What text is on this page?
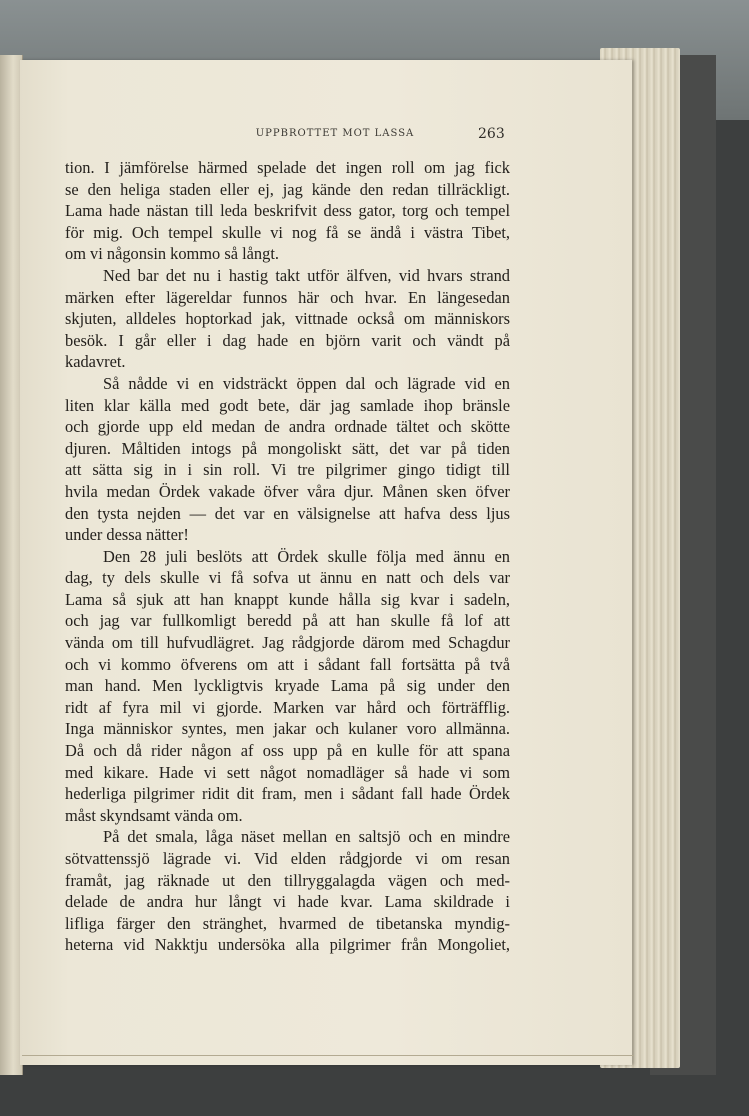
UPPBROTTET MOT LASSA	263
tion. I jämförelse härmed spelade det ingen roll om jag fick
se den heliga staden eller ej, jag kände den redan tillräckligt.
Lama hade nästan till leda beskrifvit dess gator, torg och tempel
för mig. Och tempel skulle vi nog få se ändå i västra Tibet,
om vi någonsin kommo så långt.
Ned bar det nu i hastig takt utför älfven, vid hvars strand
märken efter lägereldar funnos här och hvar. En längesedan
skjuten, alldeles hoptorkad jak, vittnade också om människors
besök. I går eller i dag hade en björn varit och vändt på
kadavret.
Så nådde vi en vidsträckt öppen dal och lägrade vid en
liten klar källa med godt bete, där jag samlade ihop bränsle
och gjorde upp eld medan de andra ordnade tältet och skötte
djuren. Måltiden intogs på mongoliskt sätt, det var på tiden
att sätta sig in i sin roll. Vi tre pilgrimer gingo tidigt till
hvila medan Ördek vakade öfver våra djur. Månen sken öfver
den tysta nejden — det var en välsignelse att hafva dess ljus
under dessa nätter!
Den 28 juli beslöts att Ördek skulle följa med ännu en
dag, ty dels skulle vi få sofva ut ännu en natt och dels var
Lama så sjuk att han knappt kunde hålla sig kvar i sadeln,
och jag var fullkomligt beredd på att han skulle få lof att
vända om till hufvudlägret. Jag rådgjorde därom med Schagdur
och vi kommo öfverens om att i sådant fall fortsätta på två
man hand. Men lyckligtvis kryade Lama på sig under den
ridt af fyra mil vi gjorde. Marken var hård och förträfflig.
Inga människor syntes, men jakar och kulaner voro allmänna.
Då och då rider någon af oss upp på en kulle för att spana
med kikare. Hade vi sett något nomadläger så hade vi som
hederliga pilgrimer ridit dit fram, men i sådant fall hade Ördek
måst skyndsamt vända om.
På det smala, låga näset mellan en saltsjö och en mindre
sötvattenssjö lägrade vi. Vid elden rådgjorde vi om resan
framåt, jag räknade ut den tillryggalagda vägen och med-
delade de andra hur långt vi hade kvar. Lama skildrade i
lifliga färger den stränghet, hvarmed de tibetanska myndig-
heterna vid Nakktju undersöka alla pilgrimer från Mongoliet,
